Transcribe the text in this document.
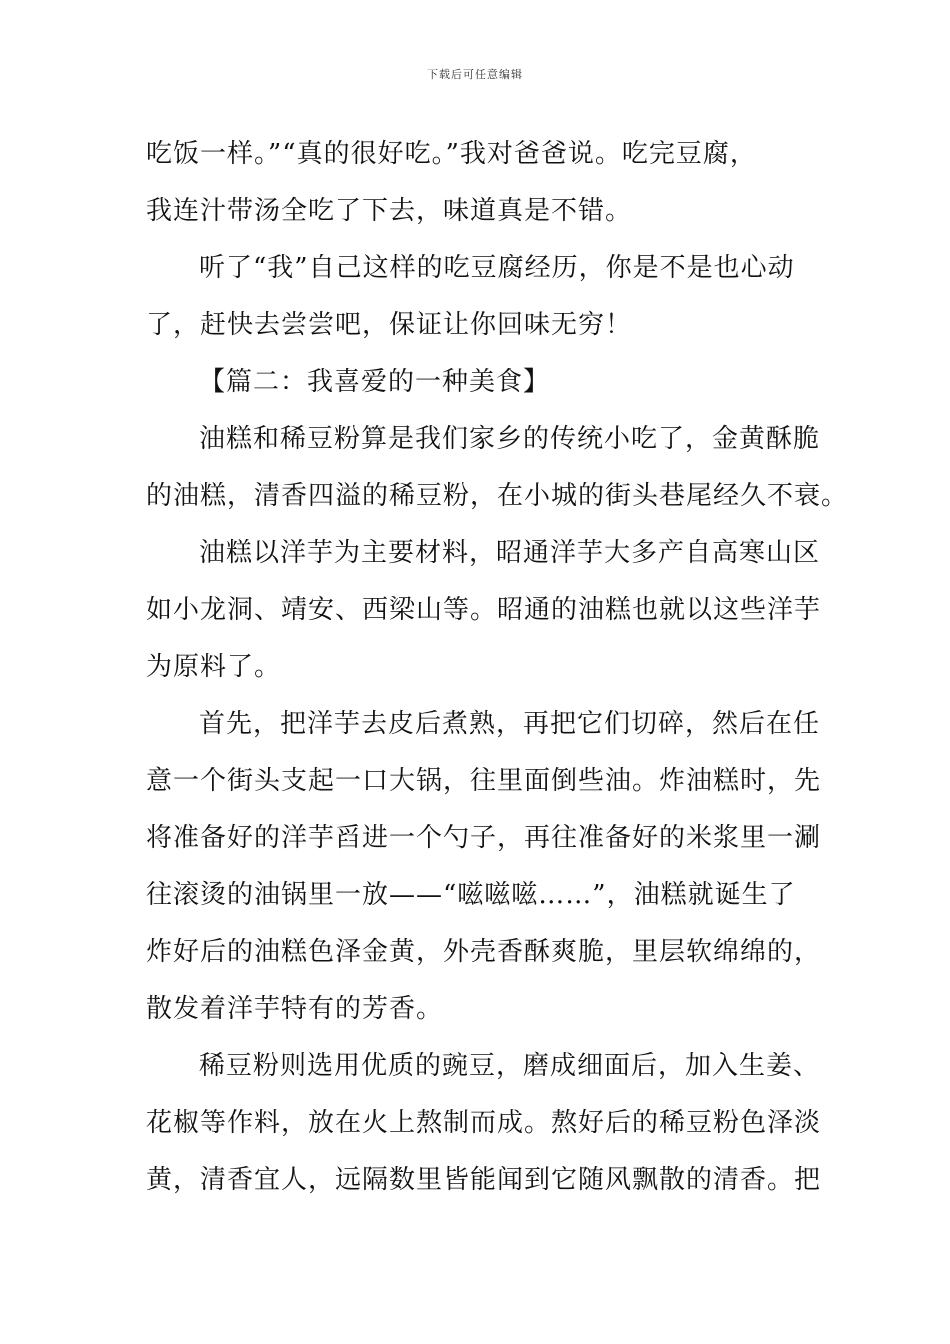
下载后可任意编辑
吃饭一样。”“真的很好吃。”我对爸爸说。吃完豆腐，
我连汁带汤全吃了下去，味道真是不错。
听了“我”自己这样的吃豆腐经历，你是不是也心动
了，赶快去尝尝吧，保证让你回味无穷！
【篇二：我喜爱的一种美食】
油糕和稀豆粉算是我们家乡的传统小吃了，金黄酥脆
的油糕，清香四溢的稀豆粉，在小城的街头巷尾经久不衰。
油糕以洋芋为主要材料，昭通洋芋大多产自高寒山区
如小龙洞、靖安、西梁山等。昭通的油糕也就以这些洋芋
为原料了。
首先，把洋芋去皮后煮熟，再把它们切碎，然后在任
意一个街头支起一口大锅，往里面倒些油。炸油糕时，先
将准备好的洋芋舀进一个勺子，再往准备好的米浆里一涮
往滚烫的油锅里一放——“嗞嗞嗞……”，油糕就诞生了
炸好后的油糕色泽金黄，外壳香酥爽脆，里层软绵绵的，
散发着洋芋特有的芳香。
稀豆粉则选用优质的豌豆，磨成细面后，加入生姜、
花椒等作料，放在火上熬制而成。熬好后的稀豆粉色泽淡
黄，清香宜人，远隔数里皆能闻到它随风飘散的清香。把
